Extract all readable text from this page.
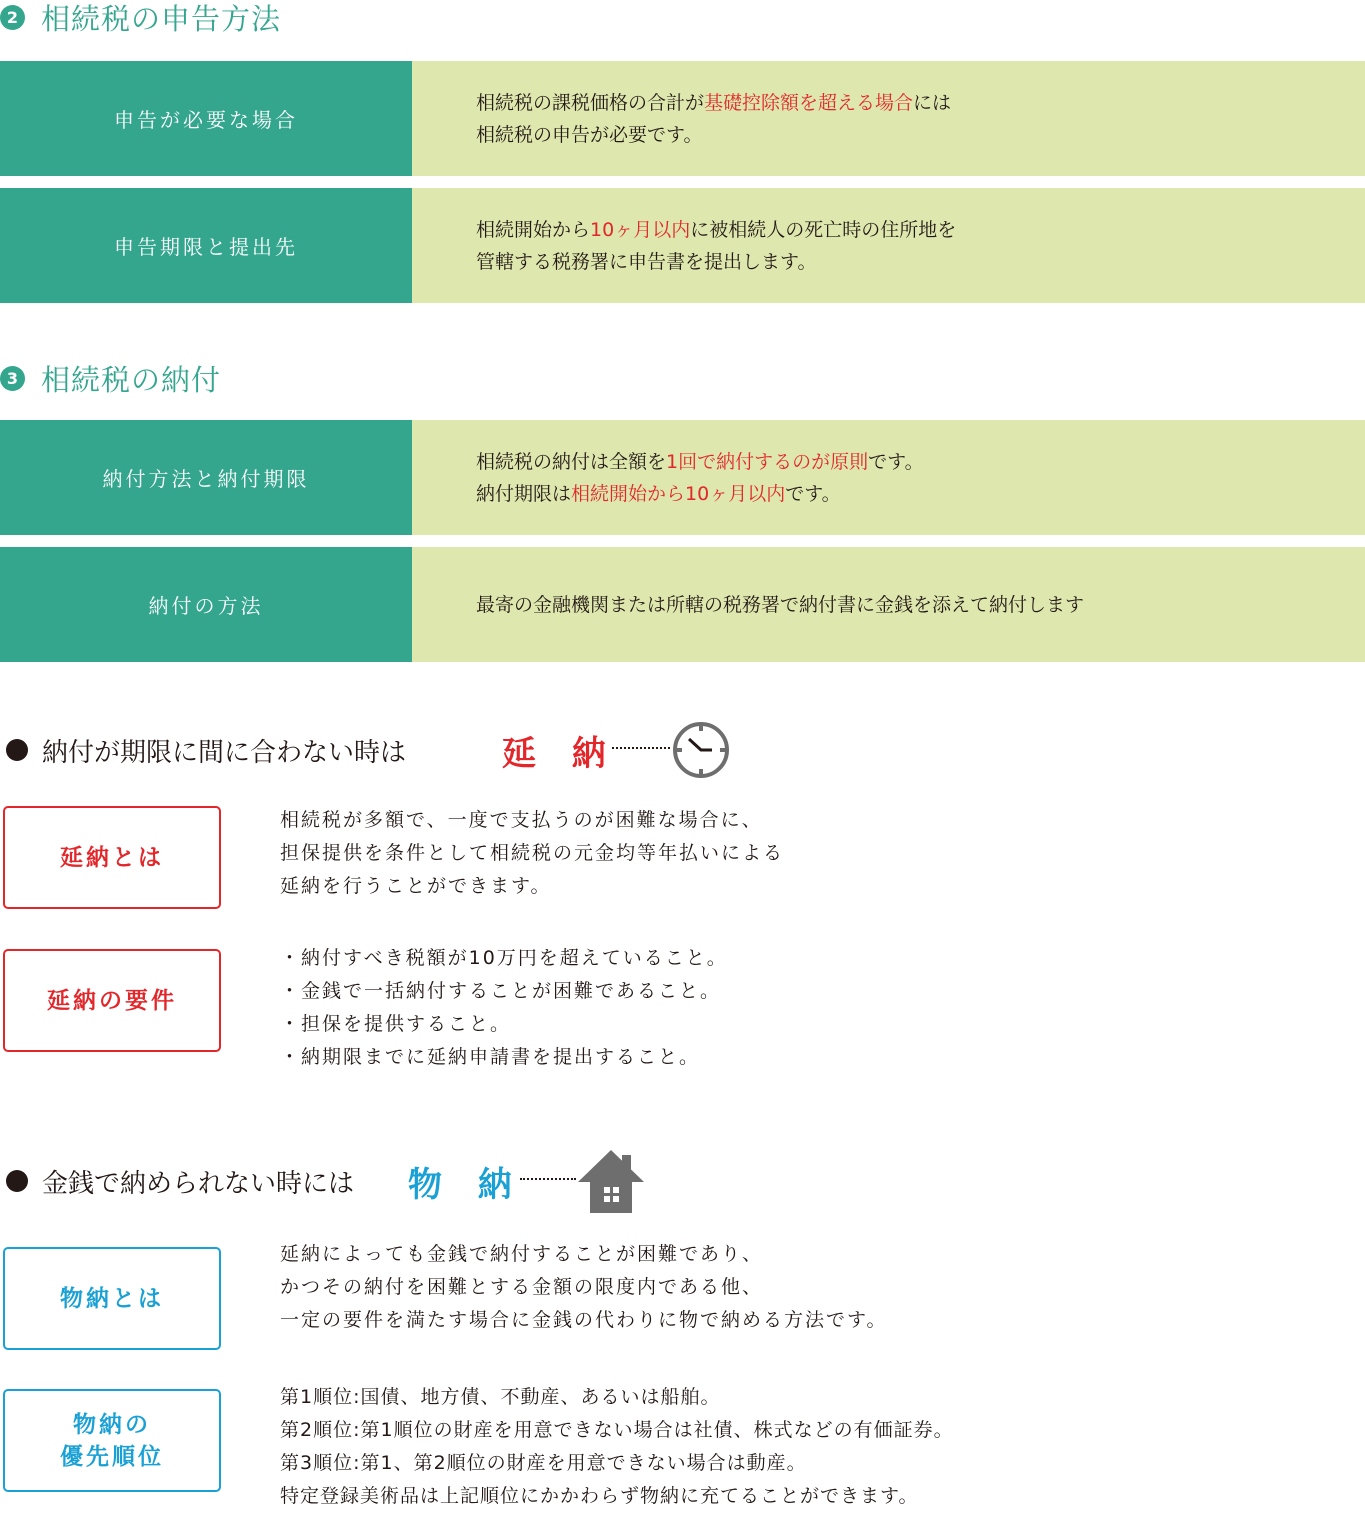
2 相続税の申告方法
申告が必要な場合
相続税の課税価格の合計が基礎控除額を超える場合には
相続税の申告が必要です。
申告期限と提出先
相続開始から10ヶ月以内に被相続人の死亡時の住所地を
管轄する税務署に申告書を提出します。
3 相続税の納付
納付方法と納付期限
相続税の納付は全額を1回で納付するのが原則です。
納付期限は相続開始から10ヶ月以内です。
納付の方法	最寄の金融機関または所轄の税務署で納付書に金銭を添えて納付します
納付が期限に間に合わない時は	延 納
延納とは
相続税が多額で、一度で支払うのが困難な場合に、
担保提供を条件として相続税の元金均等年払いによる
延納を行うことができます。
延納の要件
・納付すべき税額が10万円を超えていること。
・金銭で一括納付することが困難であること。
・担保を提供すること。
・納期限までに延納申請書を提出すること。
金銭で納められない時には 物 納
物納とは
延納によっても金銭で納付することが困難であり、
かつその納付を困難とする金額の限度内である他、
一定の要件を満たす場合に金銭の代わりに物で納める方法です。
物納の
優先順位
第1順位:国債、地方債、不動産、あるいは船舶。
第2順位:第1順位の財産を用意できない場合は社債、株式などの有価証券。
第3順位:第1、第2順位の財産を用意できない場合は動産。
特定登録美術品は上記順位にかかわらず物納に充てることができます。
